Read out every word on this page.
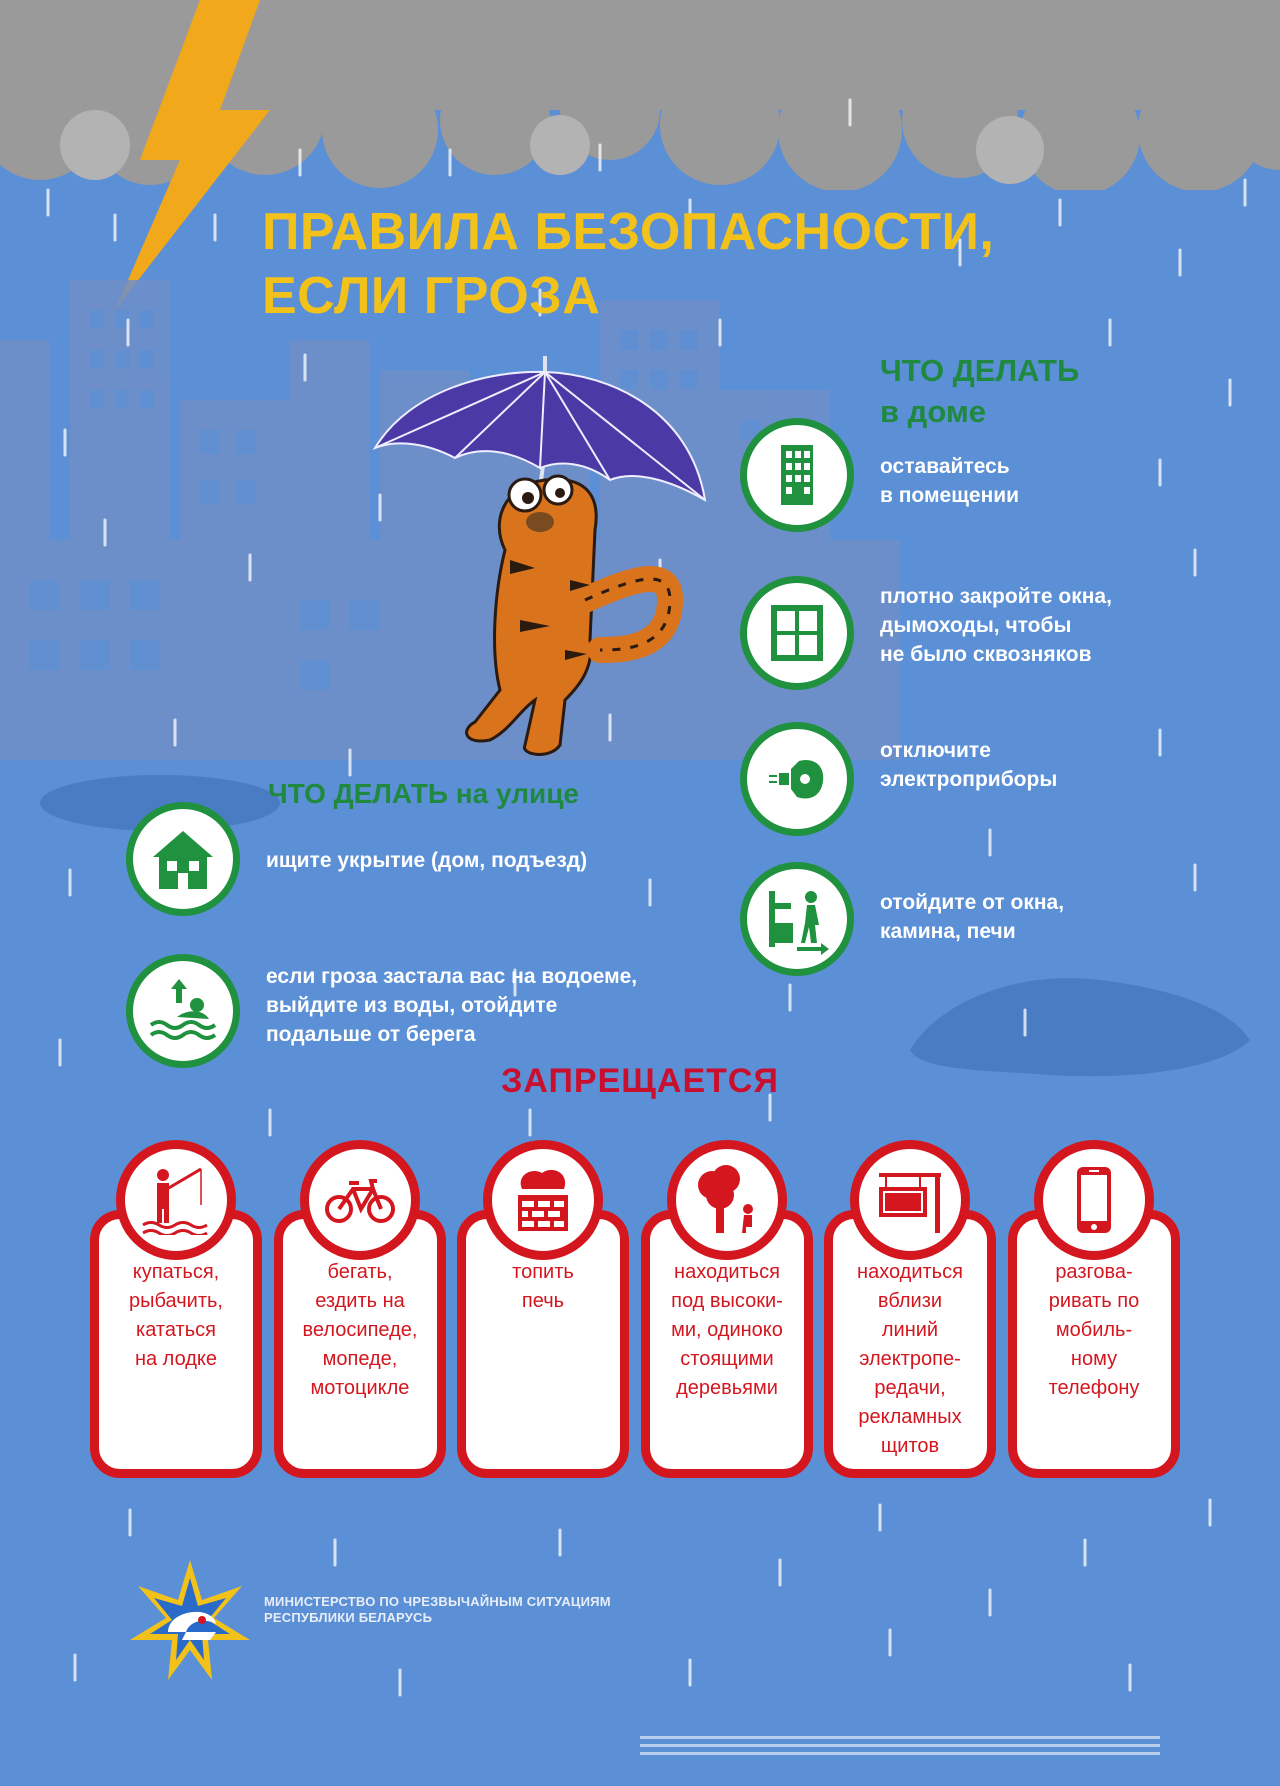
ПРАВИЛА БЕЗОПАСНОСТИ,
ЕСЛИ ГРОЗА
ЧТО ДЕЛАТЬ
в доме
оставайтесь
в помещении
плотно закройте окна,
дымоходы, чтобы
не было сквозняков
отключите
электроприборы
отойдите от окна,
камина, печи
ЧТО ДЕЛАТЬ на улице
ищите укрытие (дом, подъезд)
если гроза застала вас на водоеме,
выйдите из воды, отойдите
подальше от берега
ЗАПРЕЩАЕТСЯ
купаться,
рыбачить,
кататься
на лодке
бегать,
ездить на
велосипеде,
мопеде,
мотоцикле
топить
печь
находиться
под высоки-
ми, одиноко
стоящими
деревьями
находиться
вблизи
линий
электропе-
редачи,
рекламных
щитов
разгова-
ривать по
мобиль-
ному
телефону
МИНИСТЕРСТВО ПО ЧРЕЗВЫЧАЙНЫМ СИТУАЦИЯМ
РЕСПУБЛИКИ БЕЛАРУСЬ
